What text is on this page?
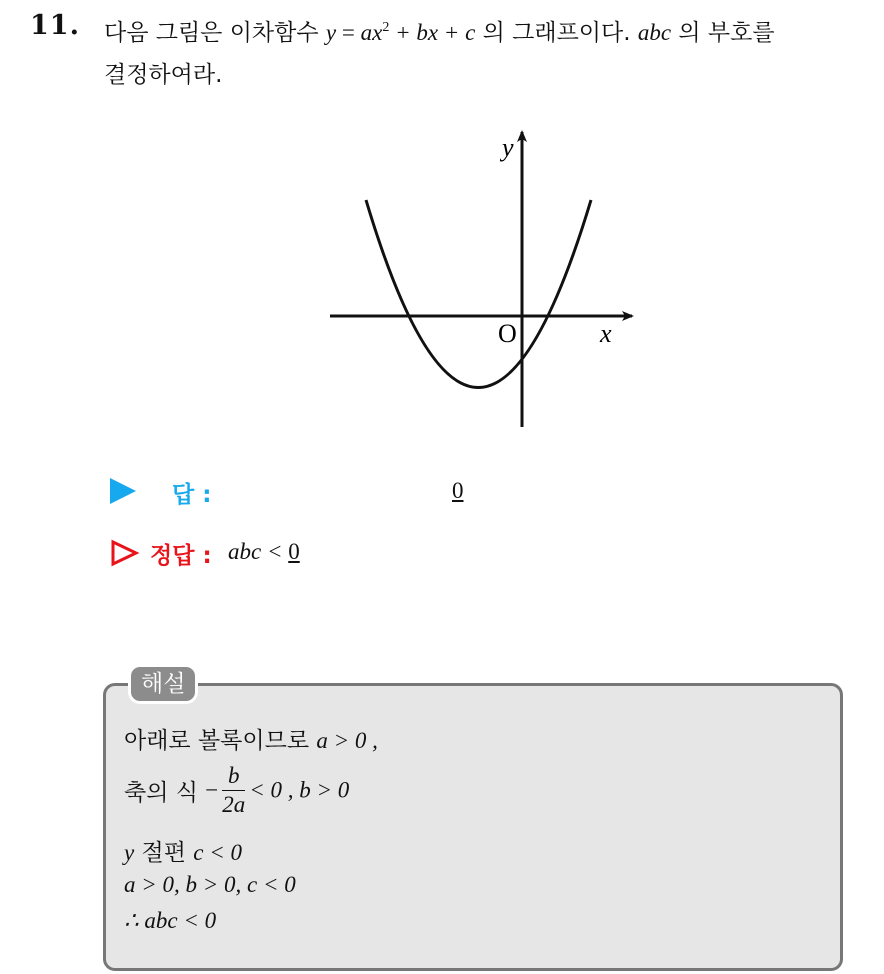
11. 다음 그림은 이차함수 $y = ax^2$ + bx + c 의 그래프이다. abc 의 부호를
결정하여라.
y
x
O
답 :	0
정답 : abc < 0
해설
아래로 볼록이므로 a > 0 ,
축의 식 − $\frac{b}{2a} < 0$ , b > 0
y 절편 c < 0
a > 0, b > 0, c < 0
∴ abc < 0
